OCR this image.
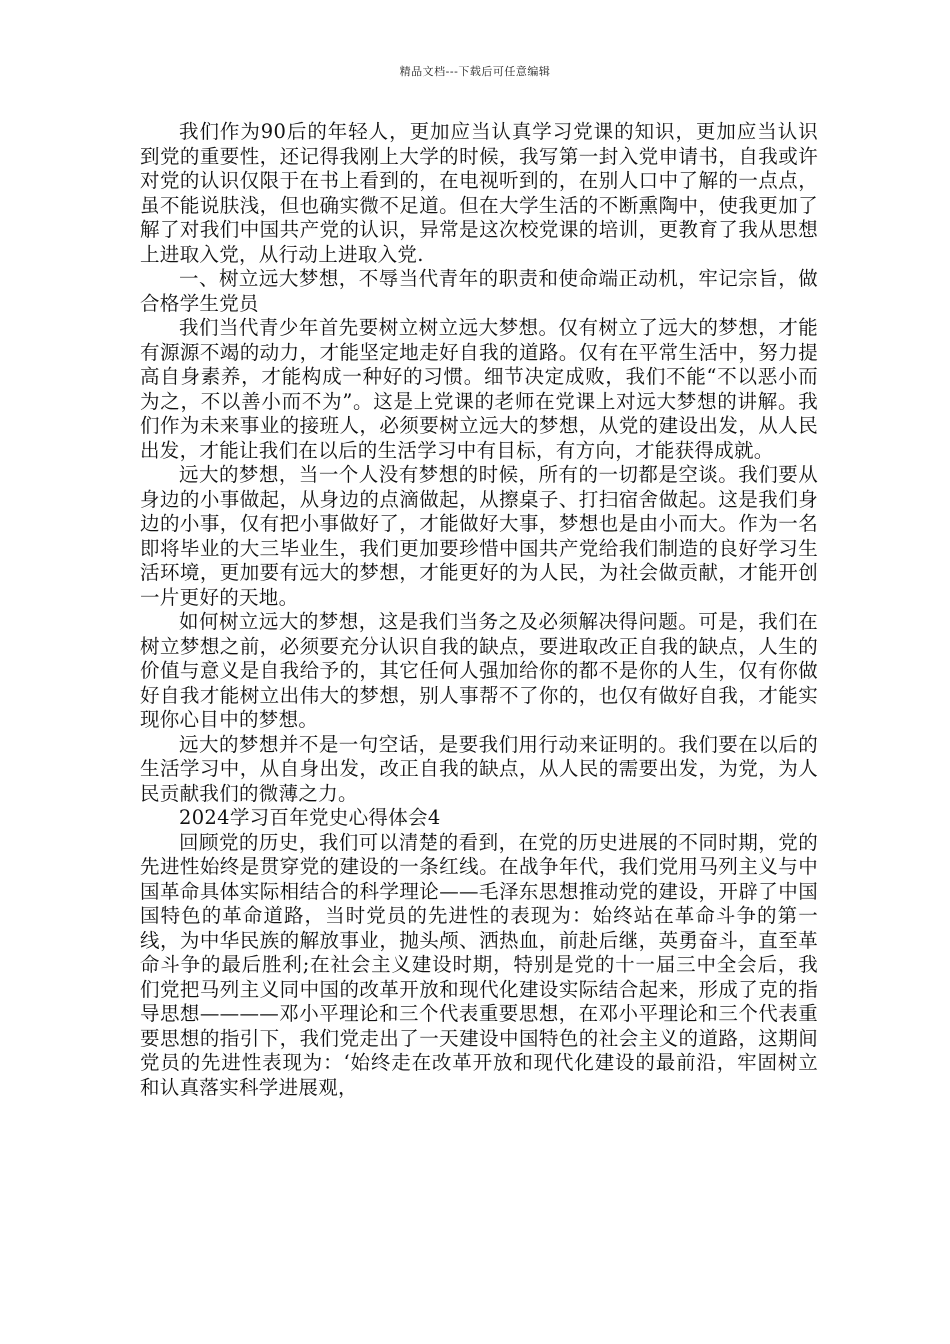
精品文档---下载后可任意编辑

我们作为90后的年轻人，更加应当认真学习党课的知识，更加应当认识到党的重要性，还记得我刚上大学的时候，我写第一封入党申请书，自我或许对党的认识仅限于在书上看到的，在电视听到的，在别人口中了解的一点点，虽不能说肤浅，但也确实微不足道。但在大学生活的不断熏陶中，使我更加了解了对我们中国共产党的认识，异常是这次校党课的培训，更教育了我从思想上进取入党，从行动上进取入党.

一、树立远大梦想，不辱当代青年的职责和使命端正动机，牢记宗旨，做合格学生党员

我们当代青少年首先要树立树立远大梦想。仅有树立了远大的梦想，才能有源源不竭的动力，才能坚定地走好自我的道路。仅有在平常生活中，努力提高自身素养，才能构成一种好的习惯。细节决定成败，我们不能“不以恶小而为之，不以善小而不为”。这是上党课的老师在党课上对远大梦想的讲解。我们作为未来事业的接班人，必须要树立远大的梦想，从党的建设出发，从人民出发，才能让我们在以后的生活学习中有目标，有方向，才能获得成就。

远大的梦想，当一个人没有梦想的时候，所有的一切都是空谈。我们要从身边的小事做起，从身边的点滴做起，从擦桌子、打扫宿舍做起。这是我们身边的小事，仅有把小事做好了，才能做好大事，梦想也是由小而大。作为一名即将毕业的大三毕业生，我们更加要珍惜中国共产党给我们制造的良好学习生活环境，更加要有远大的梦想，才能更好的为人民，为社会做贡献，才能开创一片更好的天地。

如何树立远大的梦想，这是我们当务之及必须解决得问题。可是，我们在树立梦想之前，必须要充分认识自我的缺点，要进取改正自我的缺点，人生的价值与意义是自我给予的，其它任何人强加给你的都不是你的人生，仅有你做好自我才能树立出伟大的梦想，别人事帮不了你的，也仅有做好自我，才能实现你心目中的梦想。

远大的梦想并不是一句空话，是要我们用行动来证明的。我们要在以后的生活学习中，从自身出发，改正自我的缺点，从人民的需要出发，为党，为人民贡献我们的微薄之力。

2024学习百年党史心得体会4

回顾党的历史，我们可以清楚的看到，在党的历史进展的不同时期，党的先进性始终是贯穿党的建设的一条红线。在战争年代，我们党用马列主义与中国革命具体实际相结合的科学理论——毛泽东思想推动党的建设，开辟了中国国特色的革命道路，当时党员的先进性的表现为：始终站在革命斗争的第一线，为中华民族的解放事业，抛头颅、洒热血，前赴后继，英勇奋斗，直至革命斗争的最后胜利;在社会主义建设时期，特别是党的十一届三中全会后，我们党把马列主义同中国的改革开放和现代化建设实际结合起来，形成了克的指导思想————邓小平理论和三个代表重要思想，在邓小平理论和三个代表重要思想的指引下，我们党走出了一天建设中国特色的社会主义的道路，这期间党员的先进性表现为：‘始终走在改革开放和现代化建设的最前沿，牢固树立和认真落实科学进展观，
